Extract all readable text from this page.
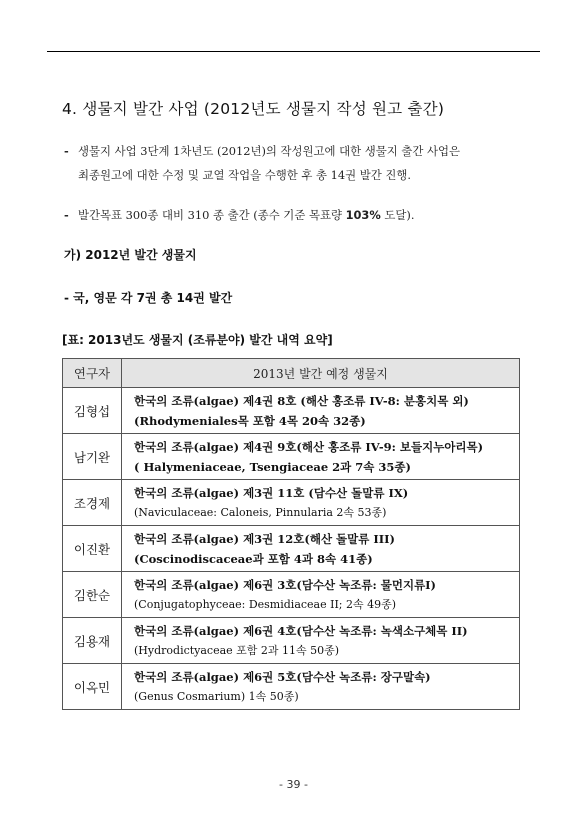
4. 생물지 발간 사업 (2012년도 생물지 작성 원고 출간)
- 생물지 사업 3단계 1차년도 (2012년)의 작성원고에 대한 생물지 출간 사업은
최종원고에 대한 수정 및 교열 작업을 수행한 후 총 14권 발간 진행.
- 발간목표 300종 대비 310 종 출간 (종수 기준 목표량 103% 도달).
가) 2012년 발간 생물지
- 국, 영문 각 7권 총 14권 발간
[표: 2013년도 생물지 (조류분야) 발간 내역 요약]
연구자	2013년 발간 예정 생물지
김형섭	한국의 조류(algae) 제4권 8호 (해산 홍조류 IV-8: 분홍치목 외)
(Rhodymeniales목 포함 4목 20속 32종)

남기완	한국의 조류(algae) 제4권 9호(해산 홍조류 IV-9: 보들지누아리목)
( Halymeniaceae, Tsengiaceae 2과 7속 35종)

조경제	한국의 조류(algae) 제3권 11호 (담수산 돌말류 IX)
(Naviculaceae: Caloneis, Pinnularia 2속 53종)

이진환	한국의 조류(algae) 제3권 12호(해산 돌말류 III)
(Coscinodiscaceae과 포함 4과 8속 41종)

김한순	한국의 조류(algae) 제6권 3호(담수산 녹조류: 물먼지류I)
(Conjugatophyceae: Desmidiaceae II; 2속 49종)

김용재	한국의 조류(algae) 제6권 4호(담수산 녹조류: 녹색소구체목 II)
(Hydrodictyaceae 포함 2과 11속 50종)

이옥민	한국의 조류(algae) 제6권 5호(담수산 녹조류: 장구말속)
(Genus Cosmarium) 1속 50종)
- 39 -
